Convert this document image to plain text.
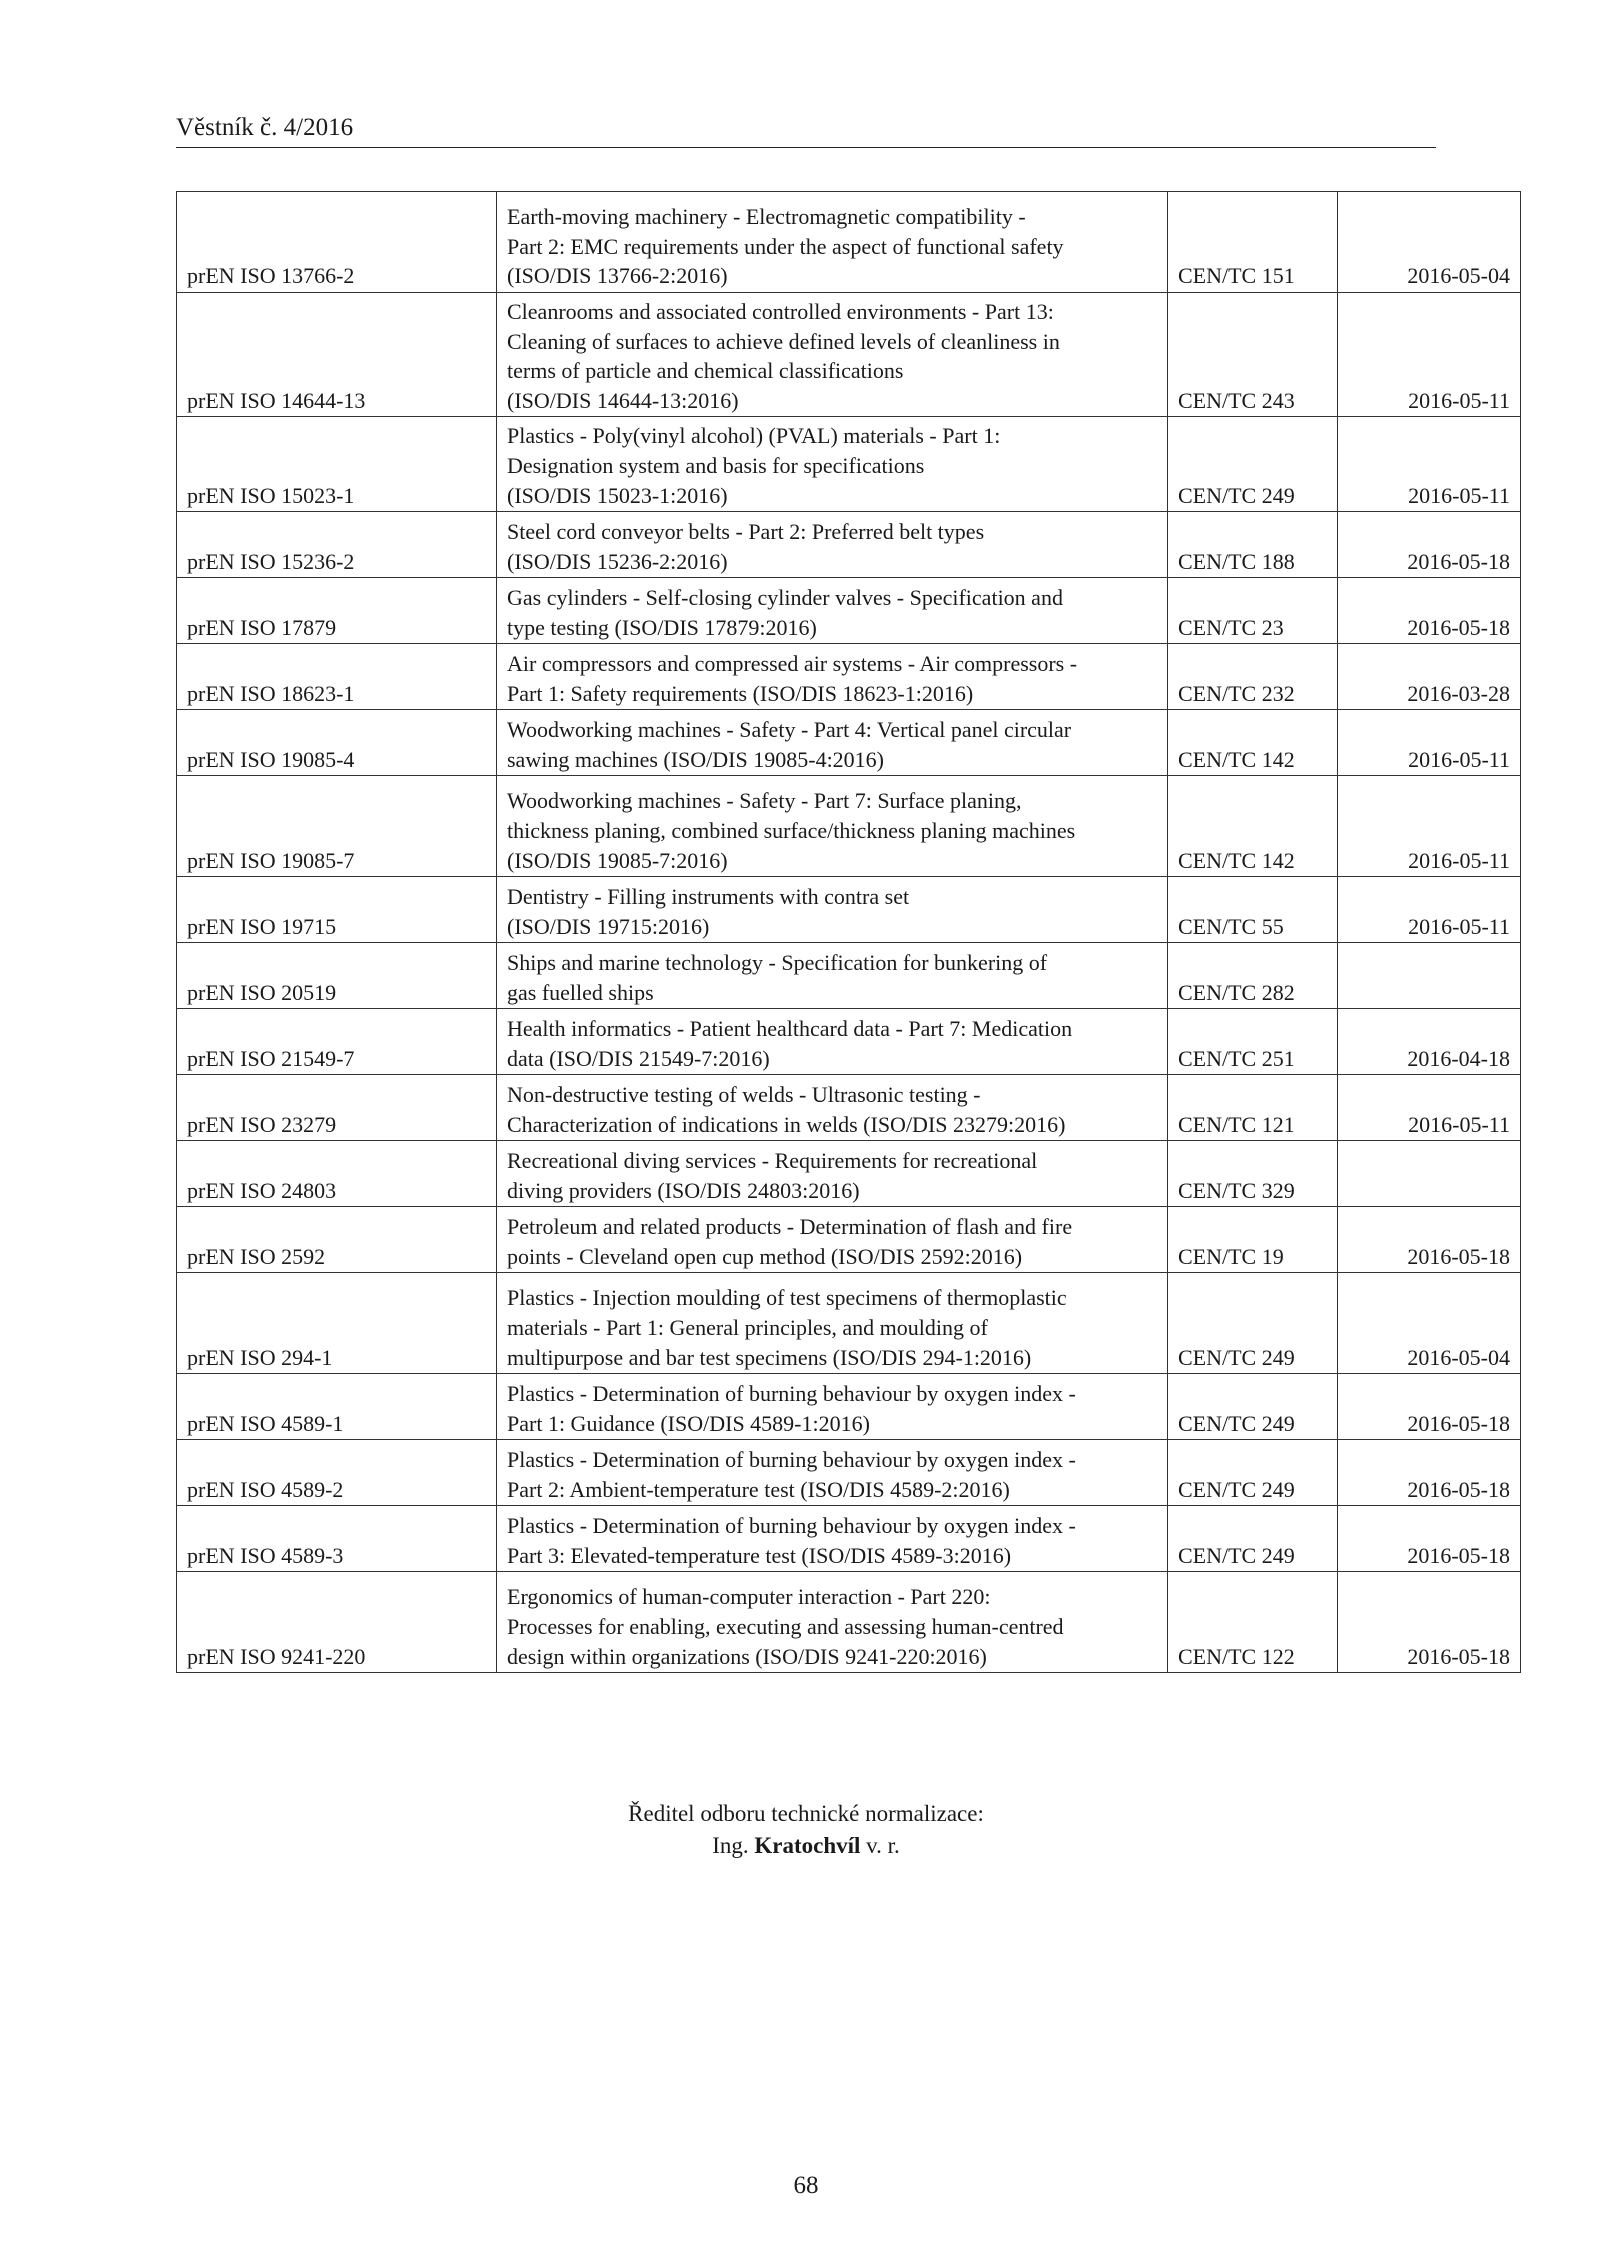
Věstník č. 4/2016
prEN ISO 13766-2	Earth-moving machinery - Electromagnetic compatibility -
Part 2: EMC requirements under the aspect of functional safety
(ISO/DIS 13766-2:2016)	CEN/TC 151	2016-05-04
prEN ISO 14644-13	Cleanrooms and associated controlled environments - Part 13:
Cleaning of surfaces to achieve defined levels of cleanliness in
terms of particle and chemical classifications
(ISO/DIS 14644-13:2016)	CEN/TC 243	2016-05-11
prEN ISO 15023-1	Plastics - Poly(vinyl alcohol) (PVAL) materials - Part 1:
Designation system and basis for specifications
(ISO/DIS 15023-1:2016)	CEN/TC 249	2016-05-11
prEN ISO 15236-2	Steel cord conveyor belts - Part 2: Preferred belt types
(ISO/DIS 15236-2:2016)	CEN/TC 188	2016-05-18
prEN ISO 17879	Gas cylinders - Self-closing cylinder valves - Specification and
type testing (ISO/DIS 17879:2016)	CEN/TC 23	2016-05-18
prEN ISO 18623-1	Air compressors and compressed air systems - Air compressors -
Part 1: Safety requirements (ISO/DIS 18623-1:2016)	CEN/TC 232	2016-03-28
prEN ISO 19085-4	Woodworking machines - Safety - Part 4: Vertical panel circular
sawing machines (ISO/DIS 19085-4:2016)	CEN/TC 142	2016-05-11
prEN ISO 19085-7	Woodworking machines - Safety - Part 7: Surface planing,
thickness planing, combined surface/thickness planing machines
(ISO/DIS 19085-7:2016)	CEN/TC 142	2016-05-11
prEN ISO 19715	Dentistry - Filling instruments with contra set
(ISO/DIS 19715:2016)	CEN/TC 55	2016-05-11
prEN ISO 20519	Ships and marine technology - Specification for bunkering of
gas fuelled ships	CEN/TC 282	
prEN ISO 21549-7	Health informatics - Patient healthcard data - Part 7: Medication
data (ISO/DIS 21549-7:2016)	CEN/TC 251	2016-04-18
prEN ISO 23279	Non-destructive testing of welds - Ultrasonic testing -
Characterization of indications in welds (ISO/DIS 23279:2016)	CEN/TC 121	2016-05-11
prEN ISO 24803	Recreational diving services - Requirements for recreational
diving providers (ISO/DIS 24803:2016)	CEN/TC 329	
prEN ISO 2592	Petroleum and related products - Determination of flash and fire
points - Cleveland open cup method (ISO/DIS 2592:2016)	CEN/TC 19	2016-05-18
prEN ISO 294-1	Plastics - Injection moulding of test specimens of thermoplastic
materials - Part 1: General principles, and moulding of
multipurpose and bar test specimens (ISO/DIS 294-1:2016)	CEN/TC 249	2016-05-04
prEN ISO 4589-1	Plastics - Determination of burning behaviour by oxygen index -
Part 1: Guidance (ISO/DIS 4589-1:2016)	CEN/TC 249	2016-05-18
prEN ISO 4589-2	Plastics - Determination of burning behaviour by oxygen index -
Part 2: Ambient-temperature test (ISO/DIS 4589-2:2016)	CEN/TC 249	2016-05-18
prEN ISO 4589-3	Plastics - Determination of burning behaviour by oxygen index -
Part 3: Elevated-temperature test (ISO/DIS 4589-3:2016)	CEN/TC 249	2016-05-18
prEN ISO 9241-220	Ergonomics of human-computer interaction - Part 220:
Processes for enabling, executing and assessing human-centred
design within organizations (ISO/DIS 9241-220:2016)	CEN/TC 122	2016-05-18
Ředitel odboru technické normalizace:
Ing. Kratochvíl v. r.
68
